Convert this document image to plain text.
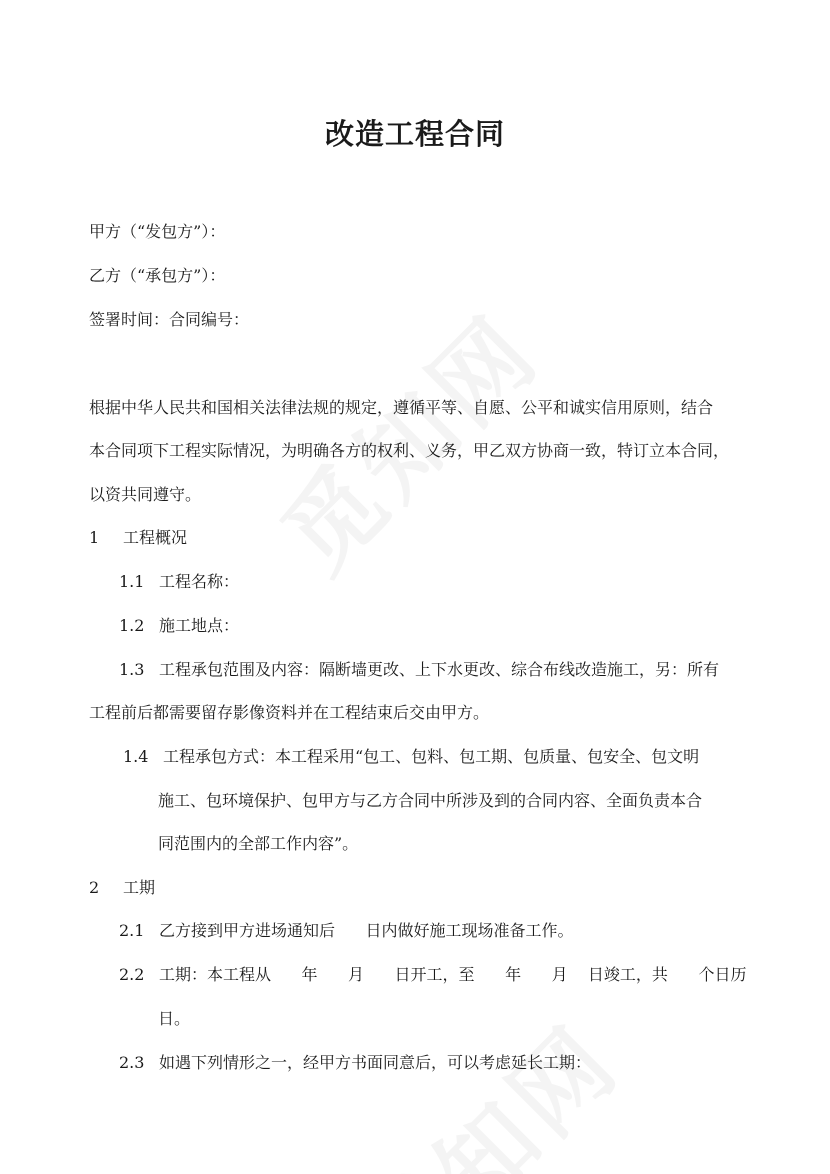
改造工程合同
甲方（“发包方”）：
乙方（“承包方”）：
签署时间：合同编号：
根据中华人民共和国相关法律法规的规定，遵循平等、自愿、公平和诚实信用原则，结合
本合同项下工程实际情况，为明确各方的权利、义务，甲乙双方协商一致，特订立本合同，
以资共同遵守。
1 工程概况
1.1 工程名称：
1.2 施工地点：
1.3 工程承包范围及内容：隔断墙更改、上下水更改、综合布线改造施工，另：所有
工程前后都需要留存影像资料并在工程结束后交由甲方。
1.4 工程承包方式：本工程采用“包工、包料、包工期、包质量、包安全、包文明
施工、包环境保护、包甲方与乙方合同中所涉及到的合同内容、全面负责本合
同范围内的全部工作内容”。
2 工期
2.1 乙方接到甲方进场通知后      日内做好施工现场准备工作。
2.2 工期：本工程从      年      月      日开工，至      年      月    日竣工，共      个日历
日。
2.3 如遇下列情形之一，经甲方书面同意后，可以考虑延长工期：
